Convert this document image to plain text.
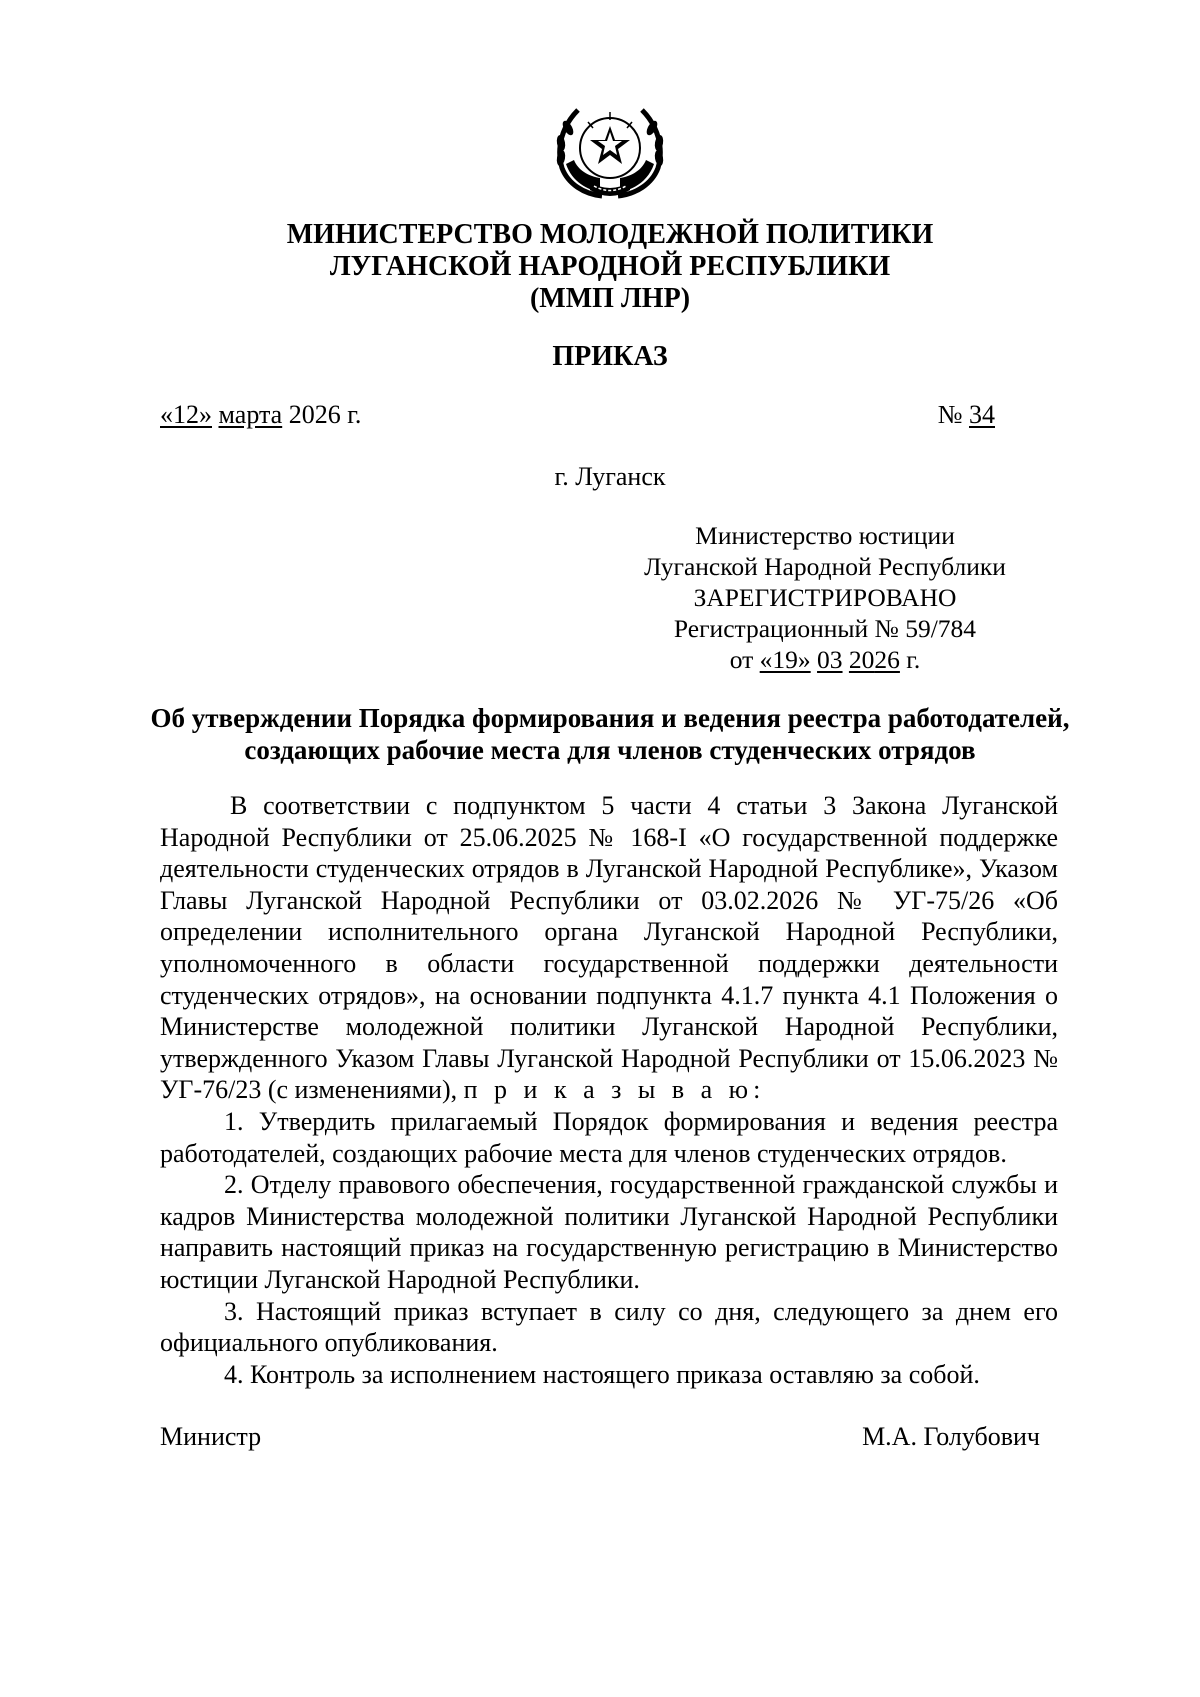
МИНИСТЕРСТВО МОЛОДЕЖНОЙ ПОЛИТИКИ
ЛУГАНСКОЙ НАРОДНОЙ РЕСПУБЛИКИ
(ММП ЛНР)
ПРИКАЗ
«12» марта 2026 г.	№ 34
г. Луганск
Министерство юстиции
Луганской Народной Республики
ЗАРЕГИСТРИРОВАНО
Регистрационный № 59/784
от «19» 03 2026 г.
Об утверждении Порядка формирования и ведения реестра работодателей,
создающих рабочие места для членов студенческих отрядов

В соответствии с подпунктом 5 части 4 статьи 3 Закона Луганской Народной Республики от 25.06.2025 № 168-I «О государственной поддержке деятельности студенческих отрядов в Луганской Народной Республике», Указом Главы Луганской Народной Республики от 03.02.2026 № УГ-75/26 «Об определении исполнительного органа Луганской Народной Республики, уполномоченного в области государственной поддержки деятельности студенческих отрядов», на основании подпункта 4.1.7 пункта 4.1 Положения о Министерстве молодежной политики Луганской Народной Республики, утвержденного Указом Главы Луганской Народной Республики от 15.06.2023 № УГ-76/23 (с изменениями), п р и к а з ы в а ю:

1. Утвердить прилагаемый Порядок формирования и ведения реестра работодателей, создающих рабочие места для членов студенческих отрядов.

2. Отделу правового обеспечения, государственной гражданской службы и кадров Министерства молодежной политики Луганской Народной Республики направить настоящий приказ на государственную регистрацию в Министерство юстиции Луганской Народной Республики.

3. Настоящий приказ вступает в силу со дня, следующего за днем его официального опубликования.

4. Контроль за исполнением настоящего приказа оставляю за собой.

Министр	М.А. Голубович
